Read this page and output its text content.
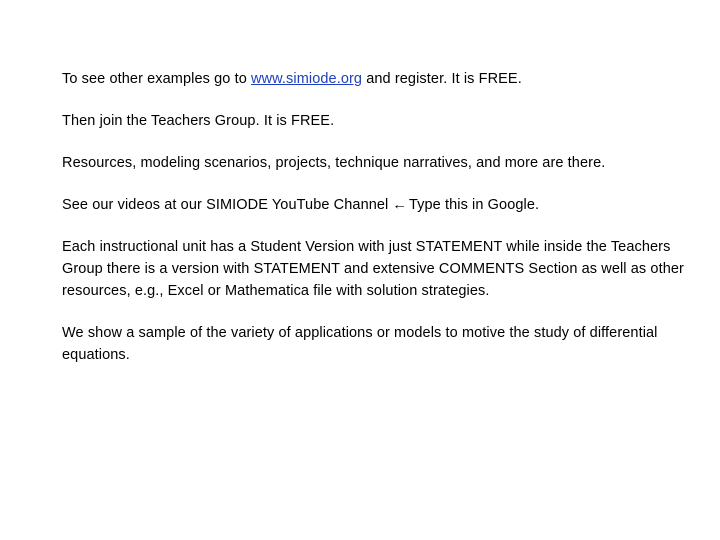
To see other examples go to www.simiode.org and register. It is FREE.

Then join the Teachers Group. It is FREE.

Resources, modeling scenarios, projects, technique narratives, and more are there.

See our videos at our SIMIODE YouTube Channel ← Type this in Google.

Each instructional unit has a Student Version with just STATEMENT while inside the Teachers Group there is a version with STATEMENT and extensive COMMENTS Section as well as other resources, e.g., Excel or Mathematica file with solution strategies.

We show a sample of the variety of applications or models to motive the study of differential equations.
